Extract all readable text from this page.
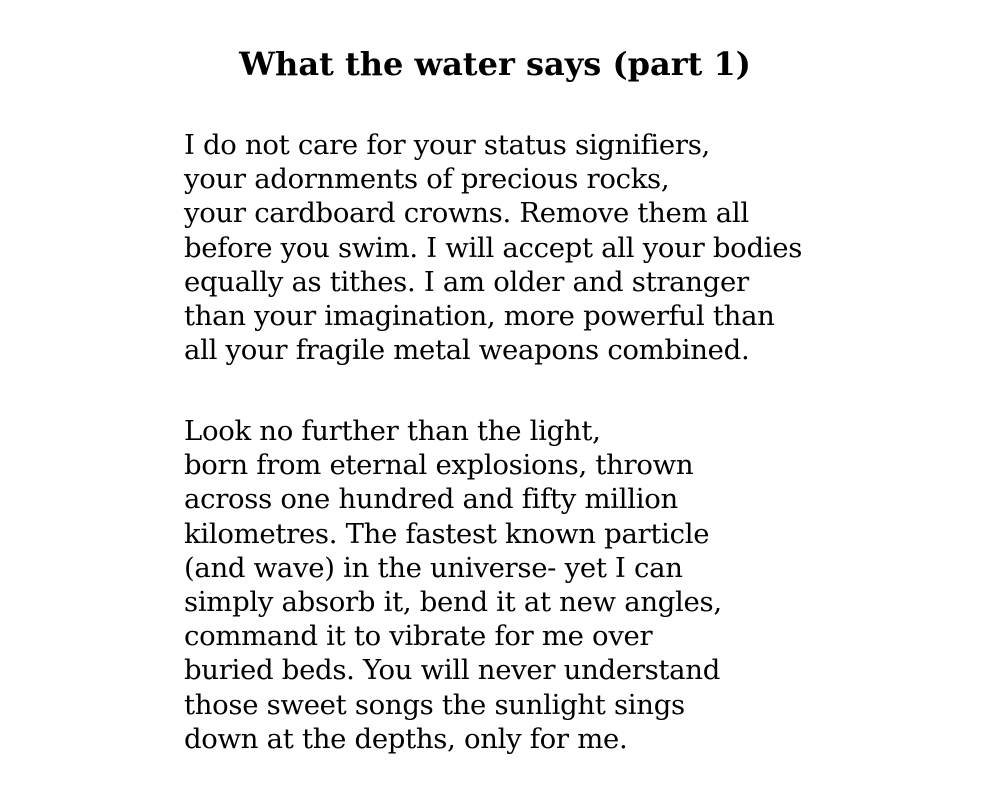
What the water says (part 1)
I do not care for your status signifiers,
your adornments of precious rocks,
your cardboard crowns. Remove them all
before you swim. I will accept all your bodies
equally as tithes. I am older and stranger
than your imagination, more powerful than
all your fragile metal weapons combined.
Look no further than the light,
born from eternal explosions, thrown
across one hundred and fifty million
kilometres. The fastest known particle
(and wave) in the universe- yet I can
simply absorb it, bend it at new angles,
command it to vibrate for me over
buried beds. You will never understand
those sweet songs the sunlight sings
down at the depths, only for me.
